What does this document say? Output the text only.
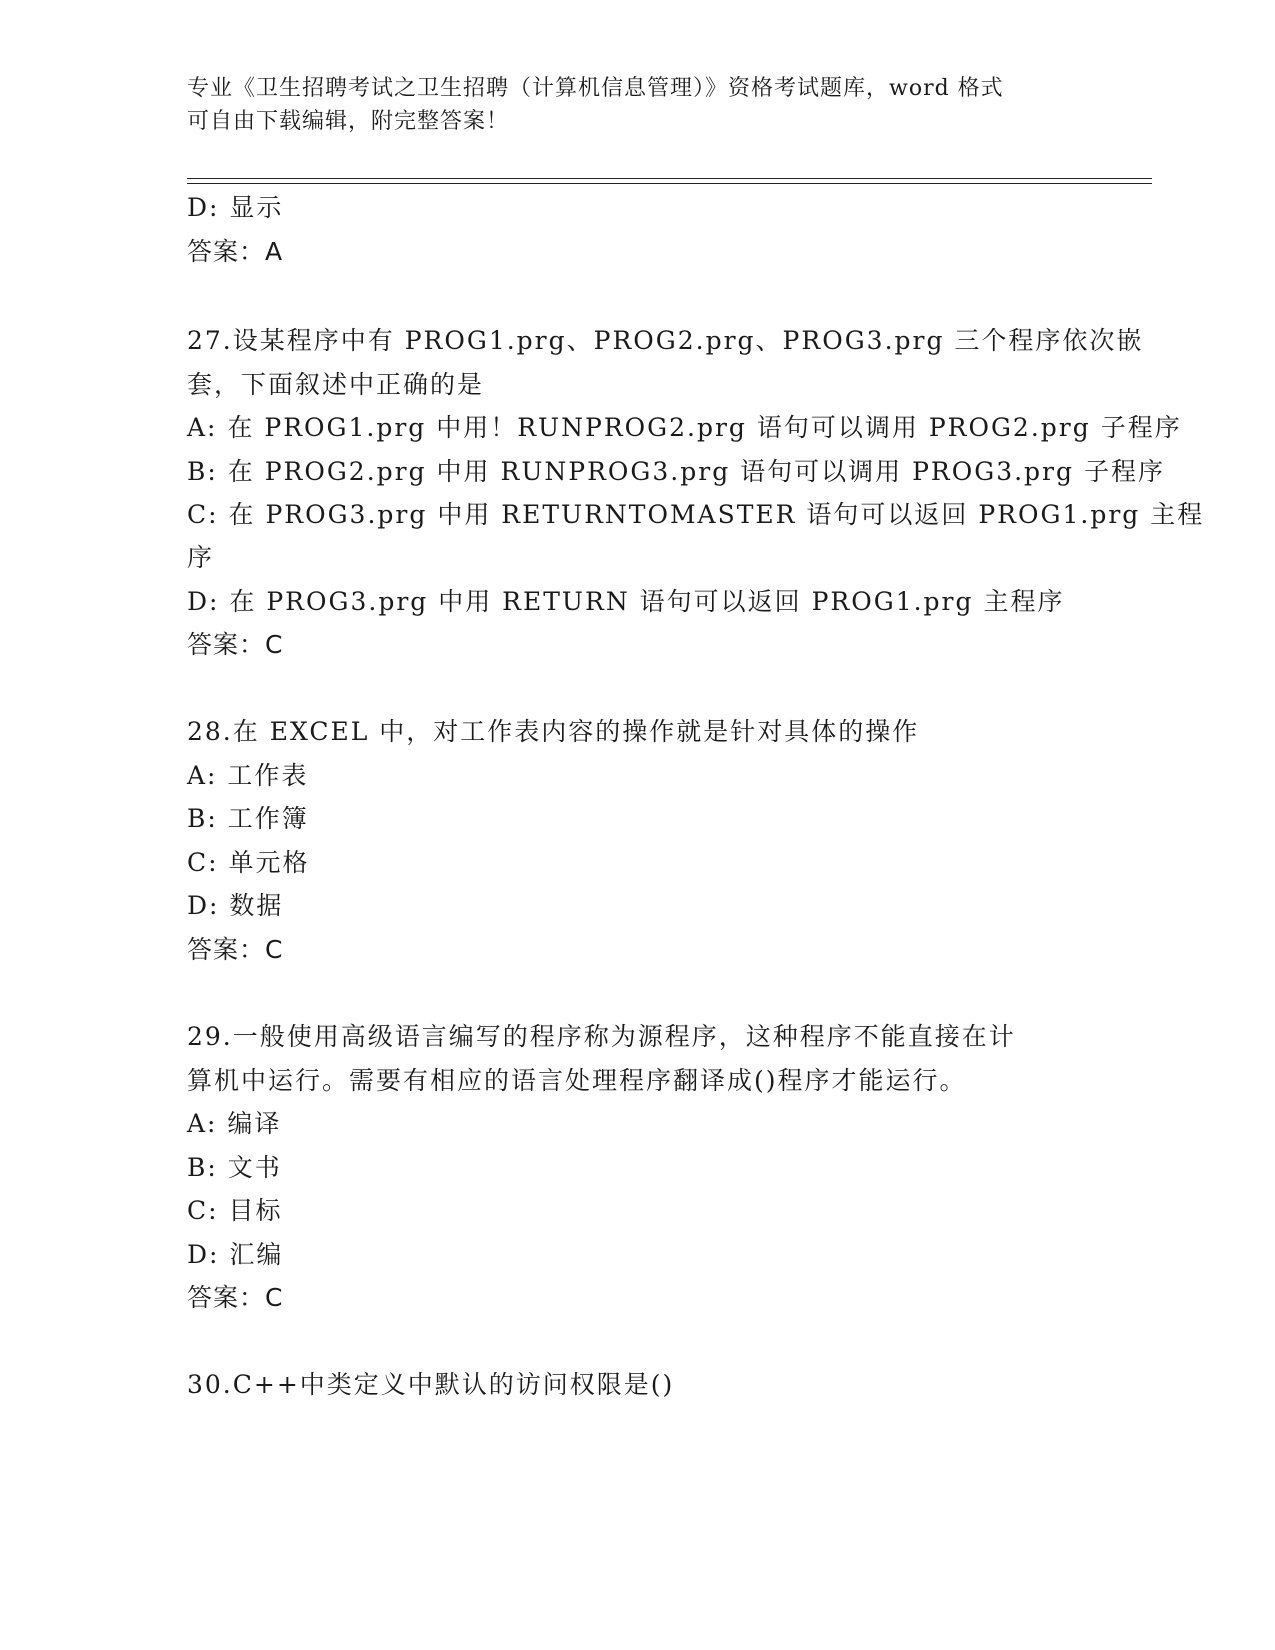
专业《卫生招聘考试之卫生招聘（计算机信息管理）》资格考试题库，word 格式
可自由下载编辑，附完整答案！
D: 显示
答案：A
27.设某程序中有 PROG1.prg、PROG2.prg、PROG3.prg 三个程序依次嵌
套，下面叙述中正确的是
A: 在 PROG1.prg 中用！RUNPROG2.prg 语句可以调用 PROG2.prg 子程序
B: 在 PROG2.prg 中用 RUNPROG3.prg 语句可以调用 PROG3.prg 子程序
C: 在 PROG3.prg 中用 RETURNTOMASTER 语句可以返回 PROG1.prg 主程
序
D: 在 PROG3.prg 中用 RETURN 语句可以返回 PROG1.prg 主程序
答案：C
28.在 EXCEL 中，对工作表内容的操作就是针对具体的操作
A: 工作表
B: 工作簿
C: 单元格
D: 数据
答案：C
29.一般使用高级语言编写的程序称为源程序，这种程序不能直接在计
算机中运行。需要有相应的语言处理程序翻译成()程序才能运行。
A: 编译
B: 文书
C: 目标
D: 汇编
答案：C
30.C++中类定义中默认的访问权限是()
